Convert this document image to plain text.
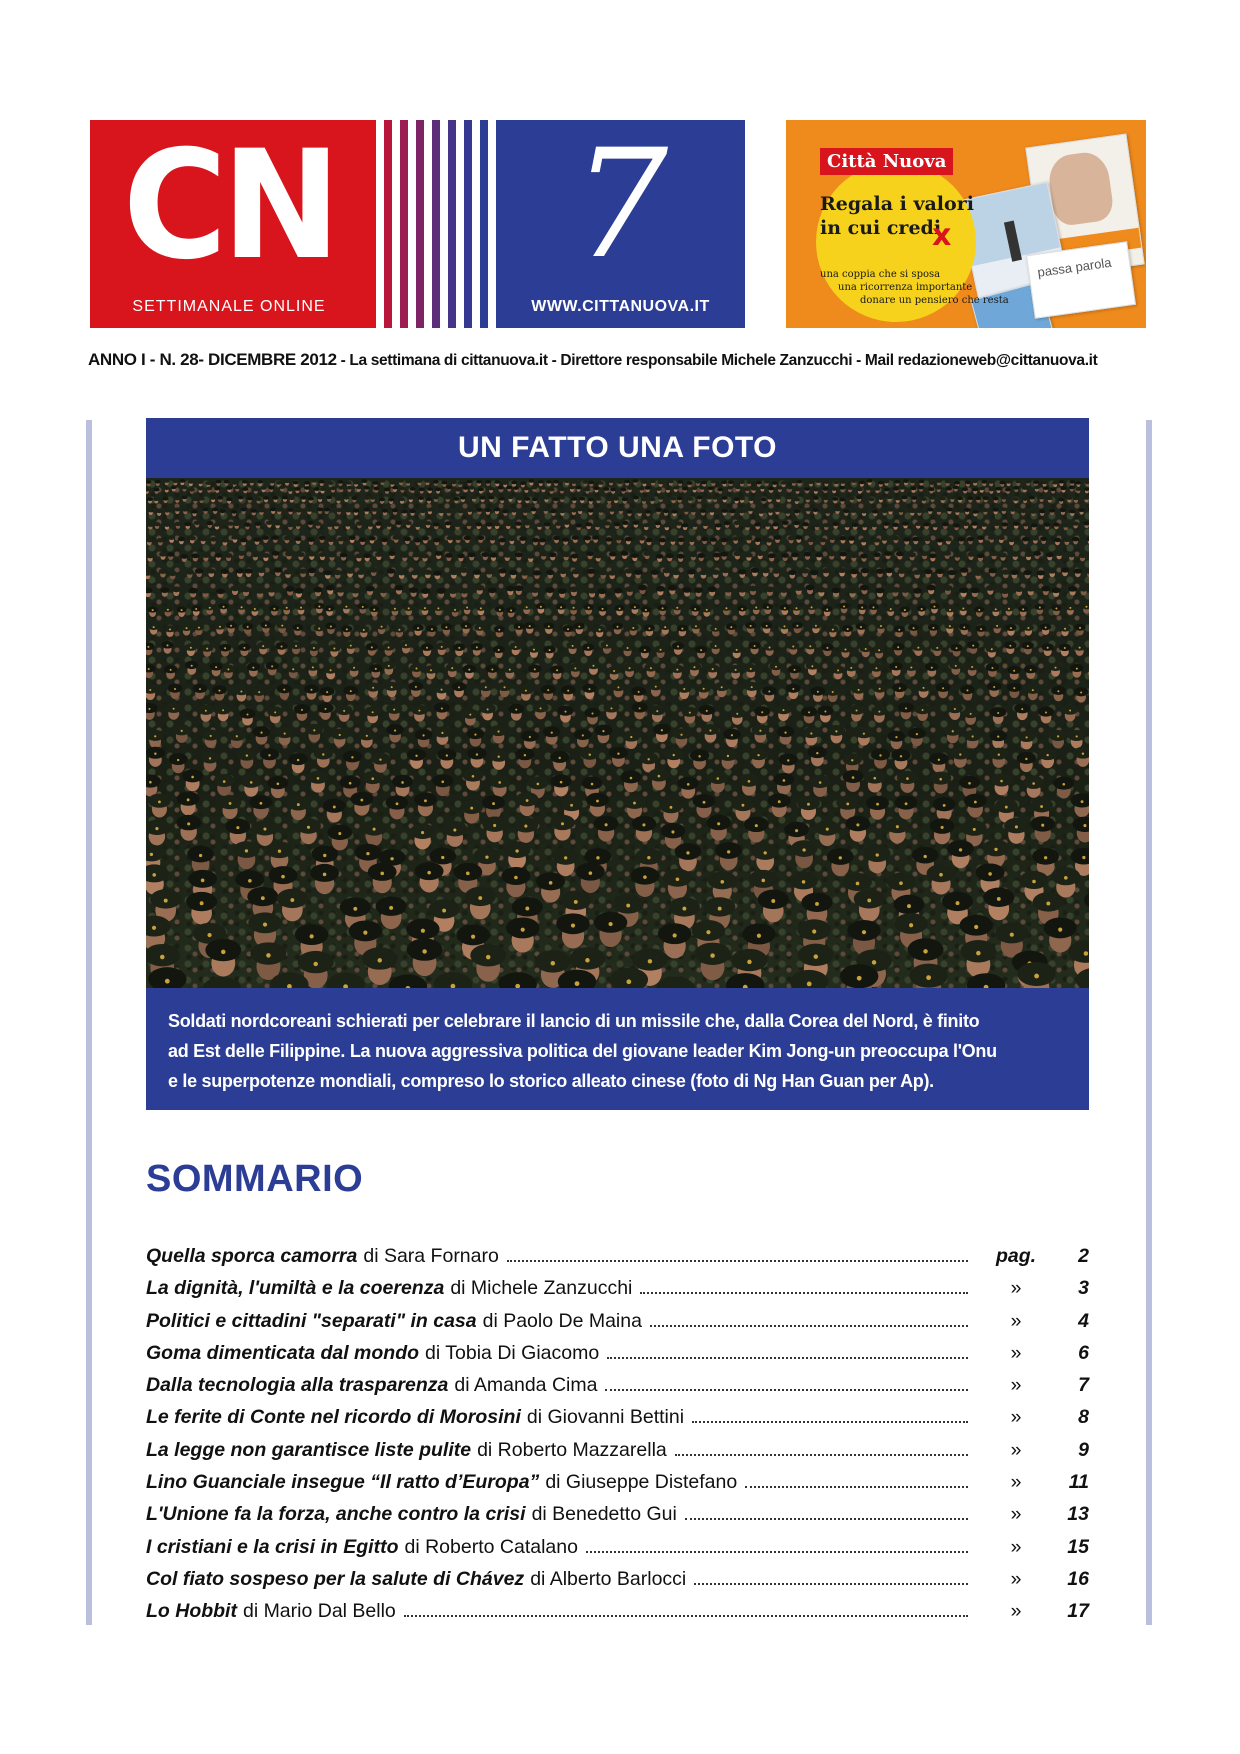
CN
SETTIMANALE ONLINE
7
WWW.CITTANUOVA.IT
passa parola
Città Nuova
Regala i valori
in cui credi
x
una coppia che si sposa
una ricorrenza importante
donare un pensiero che resta
ANNO I - N. 28- DICEMBRE 2012 - La settimana di cittanuova.it - Direttore responsabile Michele Zanzucchi - Mail redazioneweb@cittanuova.it
UN FATTO UNA FOTO
Soldati nordcoreani schierati per celebrare il lancio di un missile che, dalla Corea del Nord, è finito
ad Est delle Filippine. La nuova aggressiva politica del giovane leader Kim Jong-un preoccupa l'Onu
e le superpotenze mondiali, compreso lo storico alleato cinese (foto di Ng Han Guan per Ap).
SOMMARIO
Quella sporca camorra di Sara Fornaro	pag.	2
La dignità, l'umiltà e la coerenza di Michele Zanzucchi	»	3
Politici e cittadini "separati" in casa di Paolo De Maina	»	4
Goma dimenticata dal mondo di Tobia Di Giacomo	»	6
Dalla tecnologia alla trasparenza di Amanda Cima	»	7
Le ferite di Conte nel ricordo di Morosini di Giovanni Bettini	»	8
La legge non garantisce liste pulite di Roberto Mazzarella	»	9
Lino Guanciale insegue “Il ratto d’Europa” di Giuseppe Distefano	»	11
L'Unione fa la forza, anche contro la crisi di Benedetto Gui	»	13
I cristiani e la crisi in Egitto di Roberto Catalano	»	15
Col fiato sospeso per la salute di Chávez di Alberto Barlocci	»	16
Lo Hobbit di Mario Dal Bello	»	17
